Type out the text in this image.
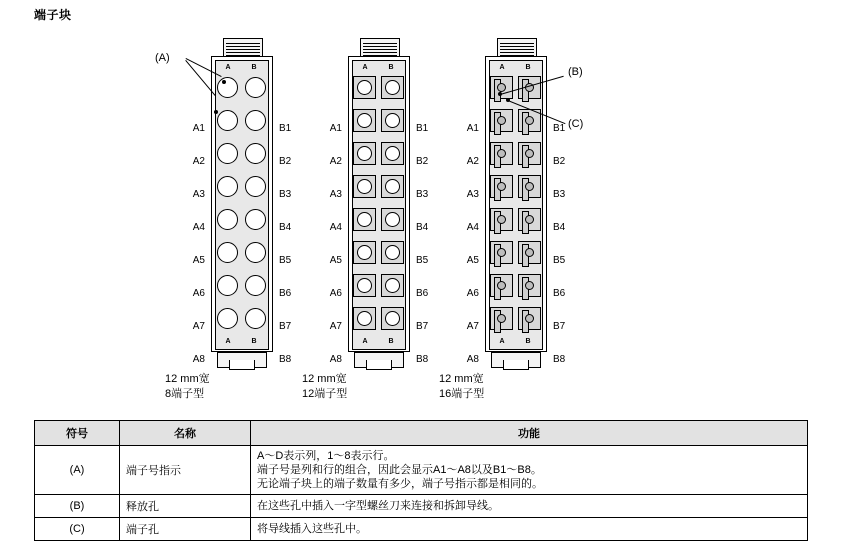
端子块
A	B
A	B
A1
A2
A3
A4
A5
A6
A7
A8
B1
B2
B3
B4
B5
B6
B7
B8
12 mm宽
8端子型
A	B
A	B
A1
A2
A3
A4
A5
A6
A7
A8
B1
B2
B3
B4
B5
B6
B7
B8
12 mm宽
12端子型
A	B
A	B
A1
A2
A3
A4
A5
A6
A7
A8
B1
B2
B3
B4
B5
B6
B7
B8
12 mm宽
16端子型
(A)
(B)
(C)
符号	名称	功能
(A)	端子号指示	A～D表示列，1～8表示行。
端子号是列和行的组合，因此会显示A1～A8以及B1～B8。
无论端子块上的端子数量有多少，端子号指示都是相同的。

(B)	释放孔	在这些孔中插入一字型螺丝刀来连接和拆卸导线。

(C)	端子孔	将导线插入这些孔中。
